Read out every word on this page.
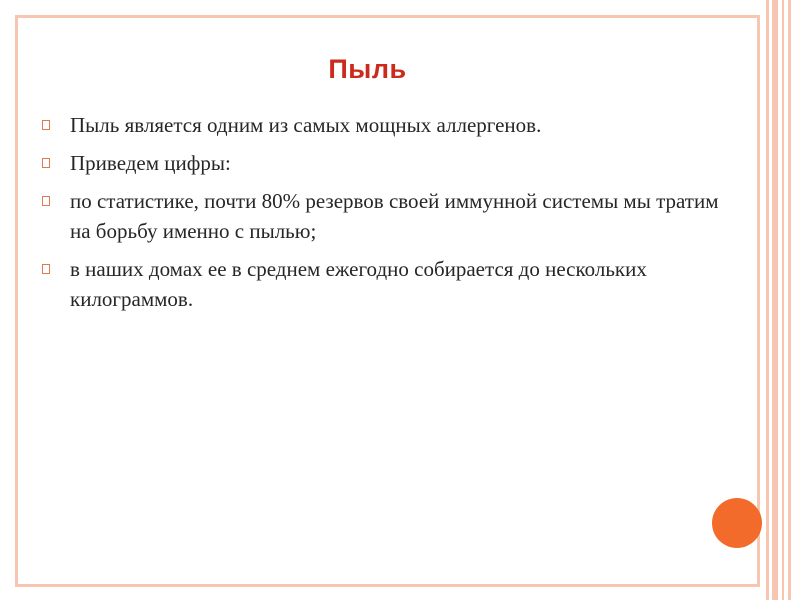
Пыль
Пыль является одним из самых мощных аллергенов.
Приведем цифры:
по статистике, почти 80% резервов своей иммунной системы мы тратим на борьбу именно с пылью;
в наших домах ее в среднем ежегодно собирается до нескольких килограммов.
